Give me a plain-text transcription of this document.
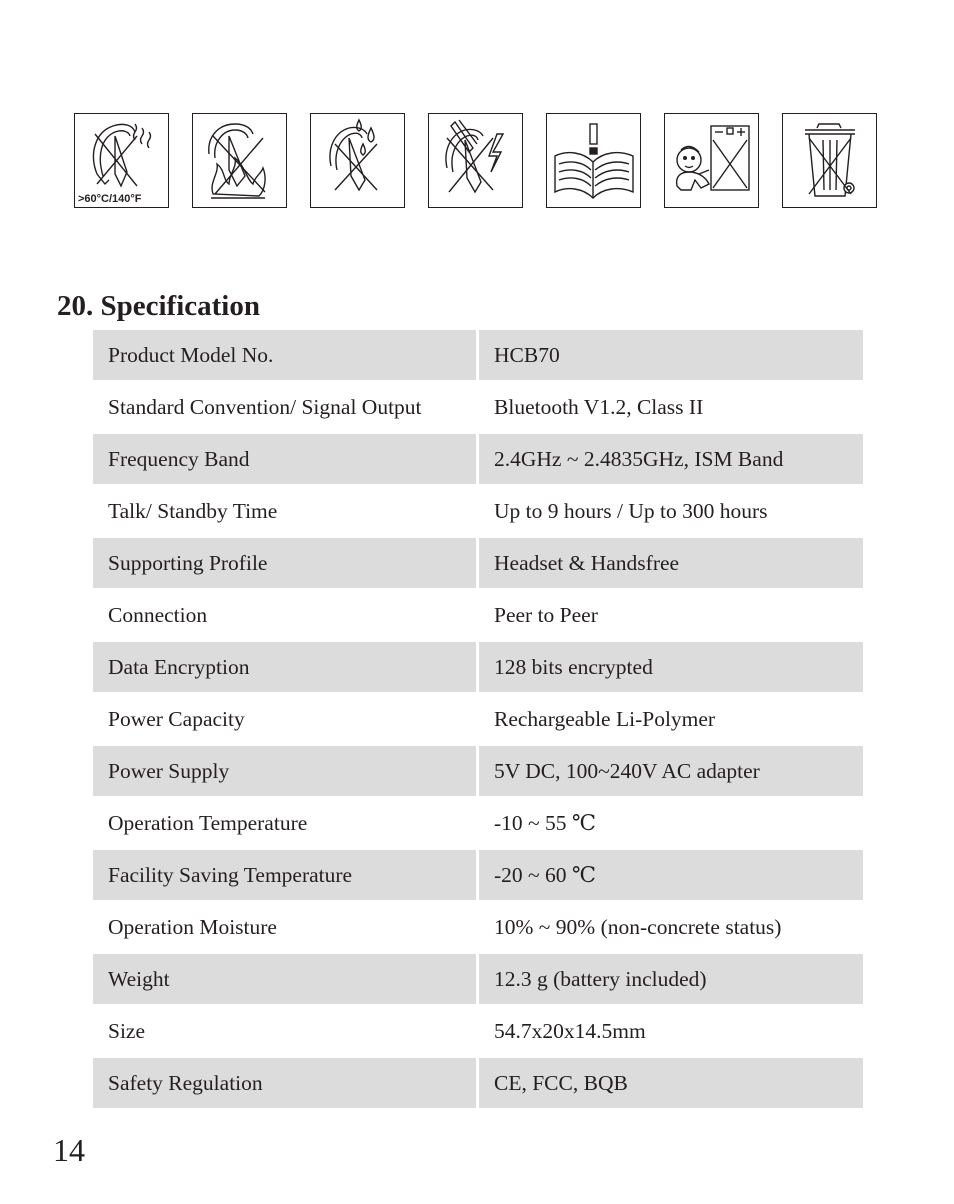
>60°C/140°F
20. Specification
Product Model No.	HCB70
Standard Convention/ Signal Output	Bluetooth V1.2, Class II
Frequency Band	2.4GHz ~ 2.4835GHz, ISM Band
Talk/ Standby Time	Up to 9 hours / Up to 300 hours
Supporting Profile	Headset & Handsfree
Connection	Peer to Peer
Data Encryption	128 bits encrypted
Power Capacity	Rechargeable Li-Polymer
Power Supply	5V DC, 100~240V AC adapter
Operation Temperature	-10 ~ 55 ℃
Facility Saving Temperature	-20 ~ 60 ℃
Operation Moisture	10% ~ 90% (non-concrete status)
Weight	12.3 g (battery included)
Size	54.7x20x14.5mm
Safety Regulation	CE, FCC, BQB
14
